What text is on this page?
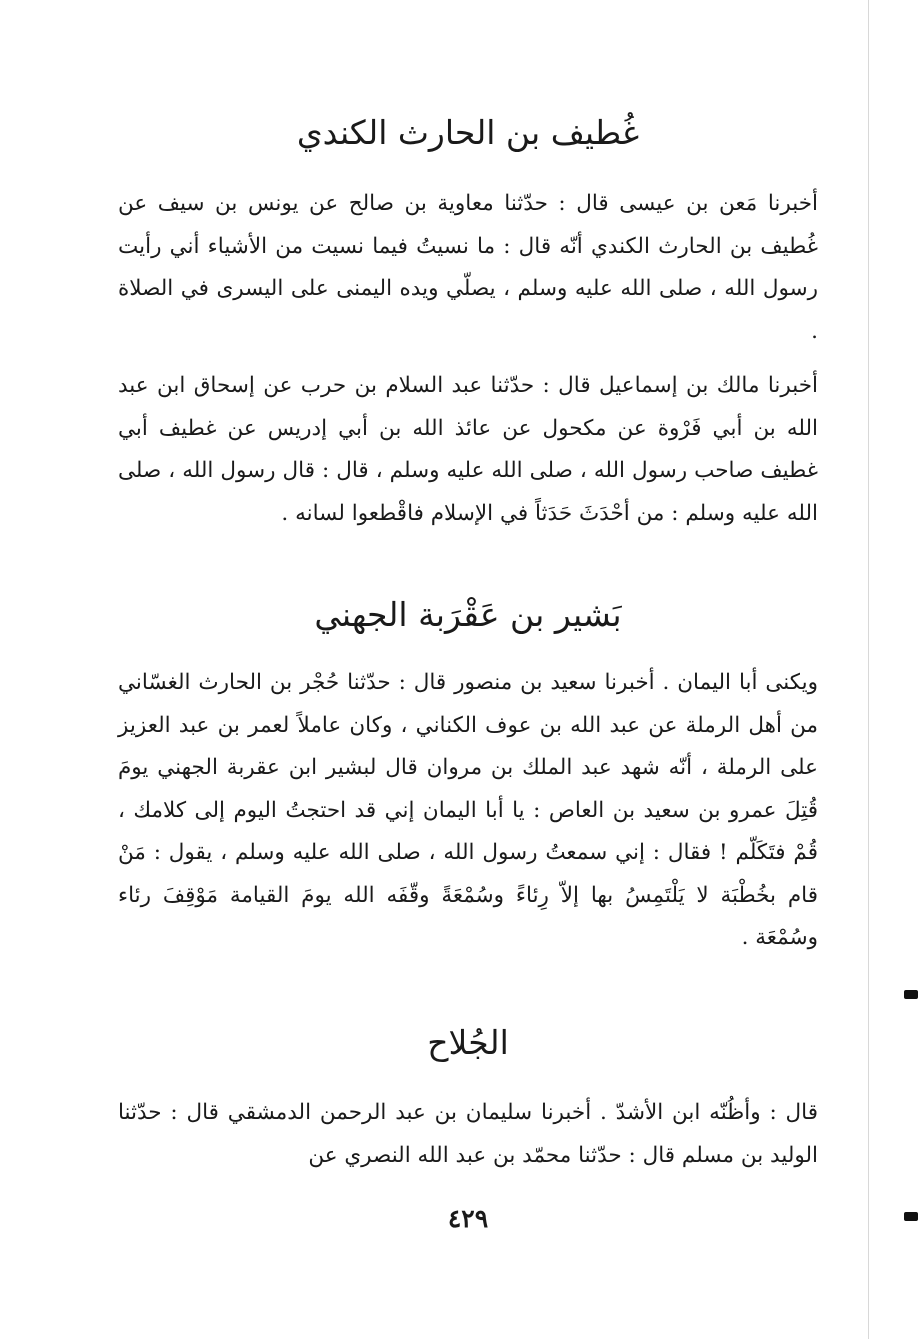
غُطيف بن الحارث الكندي

أخبرنا مَعن بن عيسى قال : حدّثنا معاوية بن صالح عن يونس بن سيف عن غُطيف بن الحارث الكندي أنّه قال : ما نسيتُ فيما نسيت من الأشياء أني رأيت رسول الله ، صلى الله عليه وسلم ، يصلّي ويده اليمنى على اليسرى في الصلاة .

أخبرنا مالك بن إسماعيل قال : حدّثنا عبد السلام بن حرب عن إسحاق ابن عبد الله بن أبي فَرْوة عن مكحول عن عائذ الله بن أبي إدريس عن غطيف أبي غطيف صاحب رسول الله ، صلى الله عليه وسلم ، قال : قال رسول الله ، صلى الله عليه وسلم : من أحْدَثَ حَدَثاً في الإسلام فاقْطعوا لسانه .

بَشير بن عَقْرَبة الجهني

ويكنى أبا اليمان . أخبرنا سعيد بن منصور قال : حدّثنا حُجْر بن الحارث الغسّاني من أهل الرملة عن عبد الله بن عوف الكناني ، وكان عاملاً لعمر بن عبد العزيز على الرملة ، أنّه شهد عبد الملك بن مروان قال لبشير ابن عقربة الجهني يومَ قُتِلَ عمرو بن سعيد بن العاص : يا أبا اليمان إني قد احتجتُ اليوم إلى كلامك ، قُمْ فتَكَلّم ! فقال : إني سمعتُ رسول الله ، صلى الله عليه وسلم ، يقول : مَنْ قام بخُطْبَة لا يَلْتَمِسُ بها إلاّ رِئاءً وسُمْعَةً وقّفَه الله يومَ القيامة مَوْقِفَ رئاء وسُمْعَة .

الجُلاح

قال : وأظُنّه ابن الأشدّ . أخبرنا سليمان بن عبد الرحمن الدمشقي قال : حدّثنا الوليد بن مسلم قال : حدّثنا محمّد بن عبد الله النصري عن

٤٢٩
